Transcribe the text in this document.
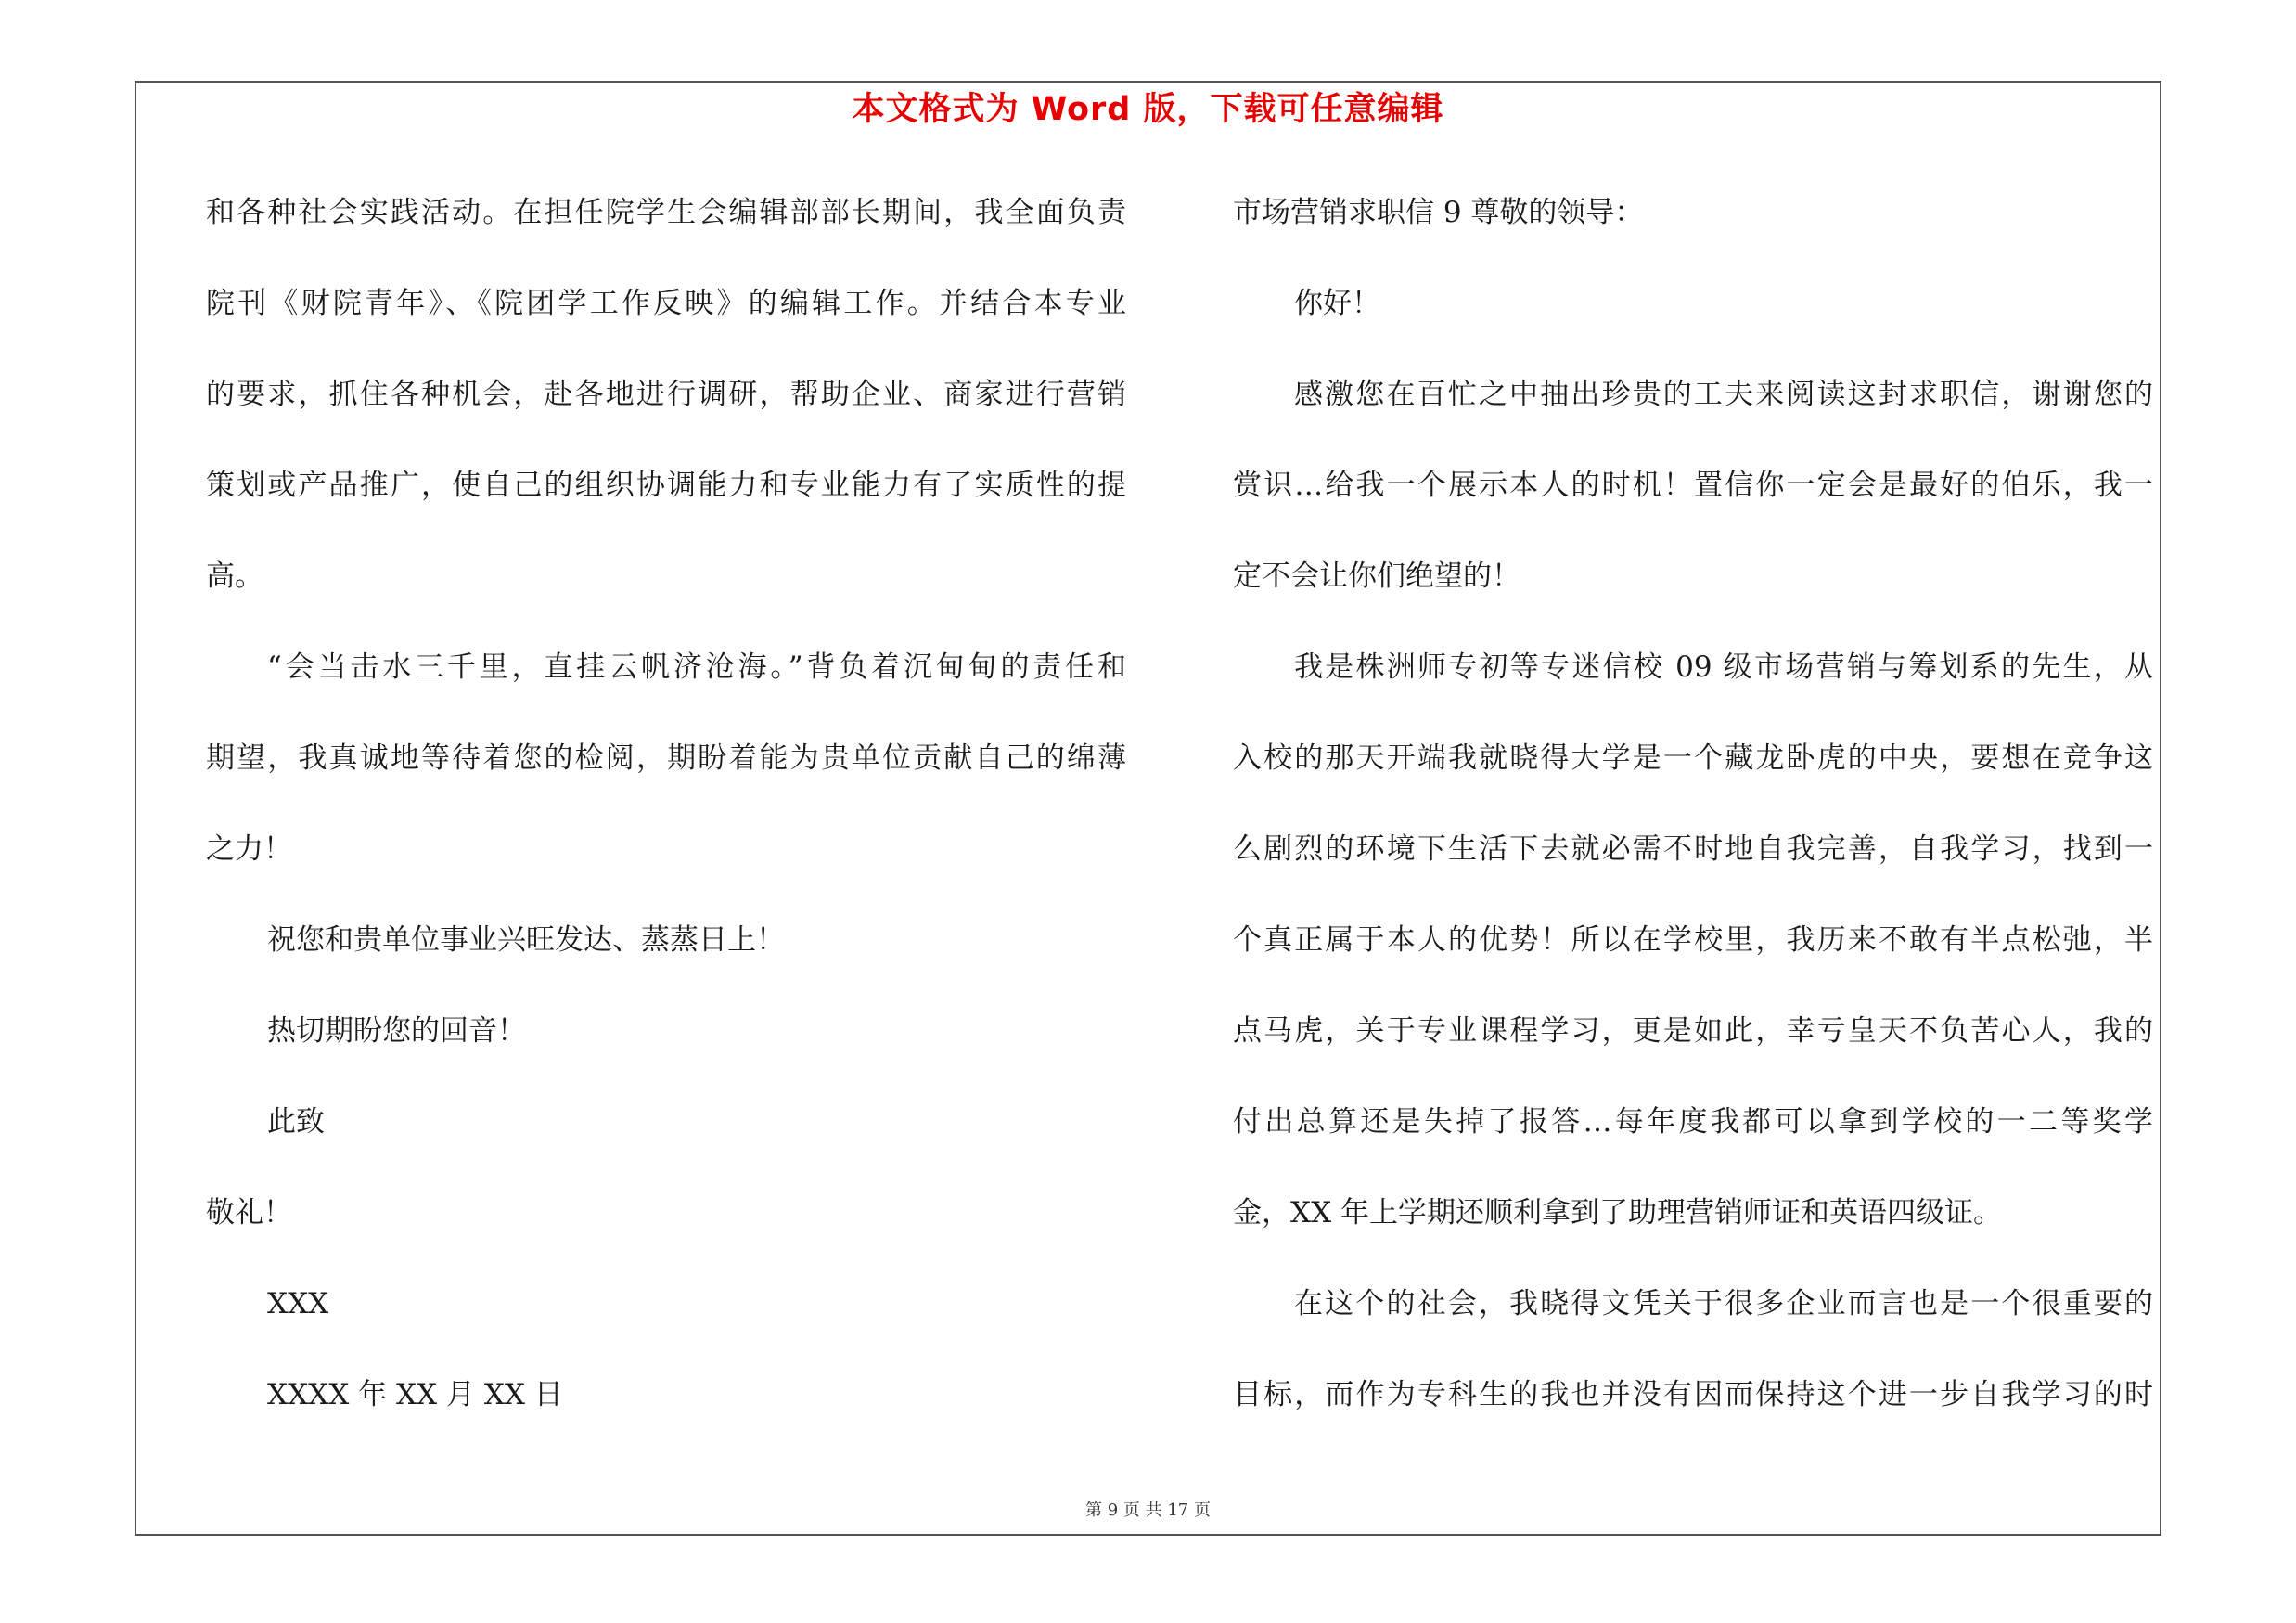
本文格式为 Word 版，下载可任意编辑

和各种社会实践活动。在担任院学生会编辑部部长期间，我全面负责

院刊《财院青年》、《院团学工作反映》的编辑工作。并结合本专业

的要求，抓住各种机会，赴各地进行调研，帮助企业、商家进行营销

策划或产品推广，使自己的组织协调能力和专业能力有了实质性的提

高。

“会当击水三千里，直挂云帆济沧海。”背负着沉甸甸的责任和

期望，我真诚地等待着您的检阅，期盼着能为贵单位贡献自己的绵薄

之力！

祝您和贵单位事业兴旺发达、蒸蒸日上！

热切期盼您的回音！

此致

敬礼！

XXX

XXXX 年 XX 月 XX 日

市场营销求职信 9 尊敬的领导：

你好！

感激您在百忙之中抽出珍贵的工夫来阅读这封求职信，谢谢您的

赏识…给我一个展示本人的时机！置信你一定会是最好的伯乐，我一

定不会让你们绝望的！

我是株洲师专初等专迷信校 09 级市场营销与筹划系的先生，从

入校的那天开端我就晓得大学是一个藏龙卧虎的中央，要想在竞争这

么剧烈的环境下生活下去就必需不时地自我完善，自我学习，找到一

个真正属于本人的优势！所以在学校里，我历来不敢有半点松弛，半

点马虎，关于专业课程学习，更是如此，幸亏皇天不负苦心人，我的

付出总算还是失掉了报答…每年度我都可以拿到学校的一二等奖学

金，XX 年上学期还顺利拿到了助理营销师证和英语四级证。

在这个的社会，我晓得文凭关于很多企业而言也是一个很重要的

目标，而作为专科生的我也并没有因而保持这个进一步自我学习的时

第 9 页 共 17 页
